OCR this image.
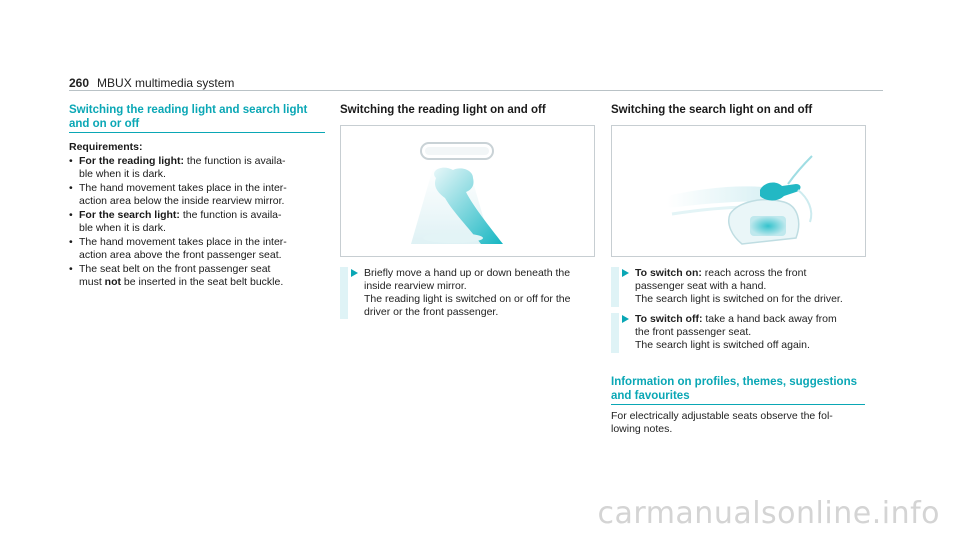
260 MBUX multimedia system
Switching the reading light and search light
and on or off
Requirements:
• For the reading light: the function is availa-
ble when it is dark.
• The hand movement takes place in the inter-
action area below the inside rearview mirror.
• For the search light: the function is availa-
ble when it is dark.
• The hand movement takes place in the inter-
action area above the front passenger seat.
• The seat belt on the front passenger seat
must not be inserted in the seat belt buckle.
Switching the reading light on and off
Briefly move a hand up or down beneath the
inside rearview mirror.
The reading light is switched on or off for the
driver or the front passenger.
Switching the search light on and off
To switch on: reach across the front
passenger seat with a hand.
The search light is switched on for the driver.
To switch off: take a hand back away from
the front passenger seat.
The search light is switched off again.
Information on profiles, themes, suggestions
and favourites
For electrically adjustable seats observe the fol-
lowing notes.
carmanualsonline.info
